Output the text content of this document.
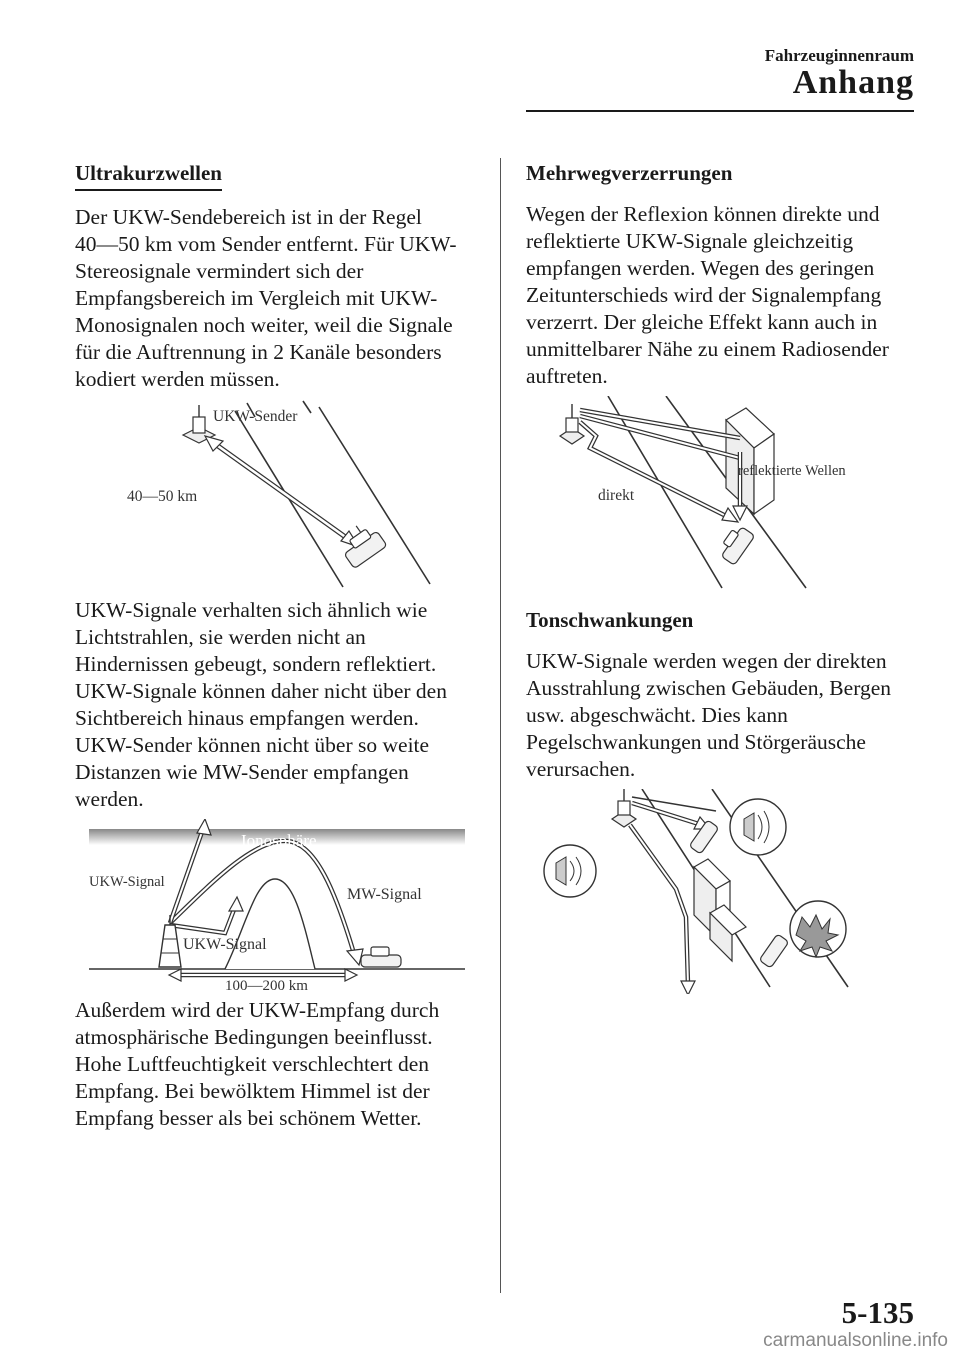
Fahrzeuginnenraum
Anhang
Ultrakurzwellen

Der UKW-Sendebereich ist in der Regel 40―50 km vom Sender entfernt. Für UKW-Stereosignale vermindert sich der Empfangsbereich im Vergleich mit UKW-Monosignalen noch weiter, weil die Signale für die Auftrennung in 2 Kanäle besonders kodiert werden müssen.

UKW-Sender
40―50 km

UKW-Signale verhalten sich ähnlich wie Lichtstrahlen, sie werden nicht an Hindernissen gebeugt, sondern reflektiert. UKW-Signale können daher nicht über den Sichtbereich hinaus empfangen werden. UKW-Sender können nicht über so weite Distanzen wie MW-Sender empfangen werden.

Ionosphäre
UKW-Signal
MW-Signal
UKW-Signal
100―200 km

Außerdem wird der UKW-Empfang durch atmosphärische Bedingungen beeinflusst. Hohe Luftfeuchtigkeit verschlechtert den Empfang. Bei bewölktem Himmel ist der Empfang besser als bei schönem Wetter.

Mehrwegverzerrungen

Wegen der Reflexion können direkte und reflektierte UKW-Signale gleichzeitig empfangen werden. Wegen des geringen Zeitunterschieds wird der Signalempfang verzerrt. Der gleiche Effekt kann auch in unmittelbarer Nähe zu einem Radiosender auftreten.

direkt
reflektierte Wellen
Tonschwankungen

UKW-Signale werden wegen der direkten Ausstrahlung zwischen Gebäuden, Bergen usw. abgeschwächt. Dies kann Pegelschwankungen und Störgeräusche verursachen.

5-135
carmanualsonline.info
